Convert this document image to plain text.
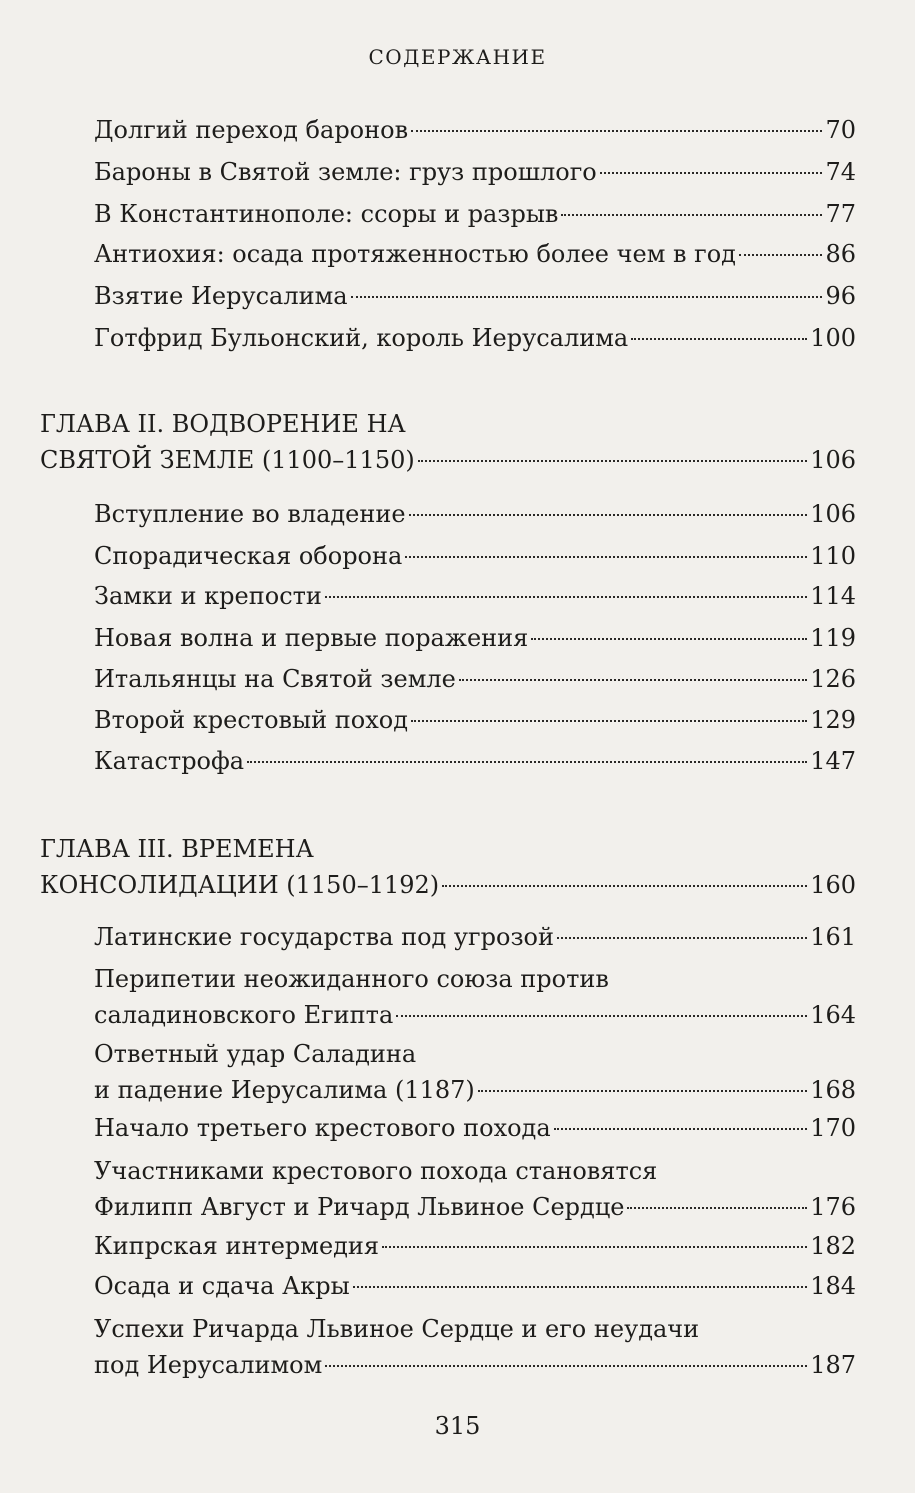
СОДЕРЖАНИЕ
Долгий переход баронов	70
Бароны в Святой земле: груз прошлого	74
В Константинополе: ссоры и разрыв	77
Антиохия: осада протяженностью более чем в год	86
Взятие Иерусалима	96
Готфрид Бульонский, король Иерусалима	100
ГЛАВА II. ВОДВОРЕНИЕ НА
СВЯТОЙ ЗЕМЛЕ (1100–1150)	106
Вступление во владение	106
Спорадическая оборона	110
Замки и крепости	114
Новая волна и первые поражения	119
Итальянцы на Святой земле	126
Второй крестовый поход	129
Катастрофа	147
ГЛАВА III. ВРЕМЕНА
КОНСОЛИДАЦИИ (1150–1192)	160
Латинские государства под угрозой	161
Перипетии неожиданного союза против
саладиновского Египта	164
Ответный удар Саладина
и падение Иерусалима (1187)	168
Начало третьего крестового похода	170
Участниками крестового похода становятся
Филипп Август и Ричард Львиное Сердце	176
Кипрская интермедия	182
Осада и сдача Акры	184
Успехи Ричарда Львиное Сердце и его неудачи
под Иерусалимом	187
315
